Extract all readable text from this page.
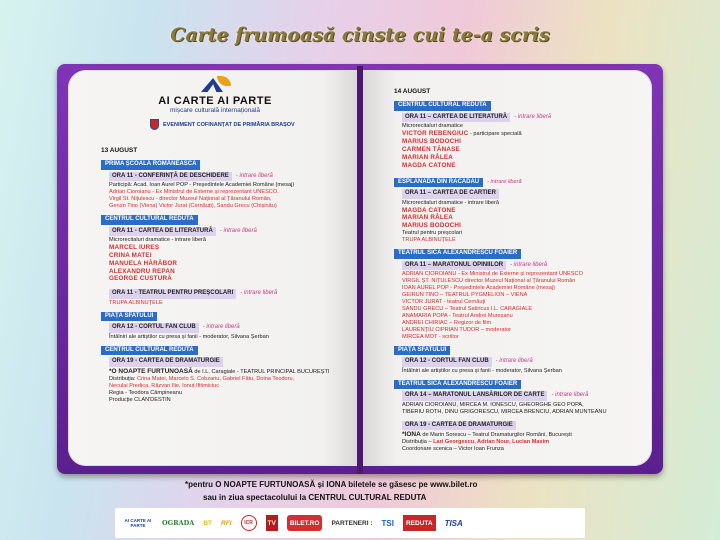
Carte frumoasă cinste cui te-a scris
AI CARTE AI PARTE
mișcare culturală internațională
EVENIMENT COFINANȚAT DE PRIMĂRIA BRAȘOV
13 AUGUST
PRIMA ȘCOALĂ ROMÂNEASCĂ
ORA 11 - CONFERINȚĂ DE DESCHIDERE - intrare liberă
Participă: Acad. Ioan Aurel POP - Președintele Academiei Române (mesaj)
Adrian Cioroianu - Ex Ministrul de Externe și reprezentant UNESCO,
Virgil St. Nițulescu - director Muzeul Național al Țăranului Român,
Geruin Tino (Viena) Victor Jurat (Cernăuți), Sandu Grecu (Chișinău)
CENTRUL CULTURAL REDUTA
ORA 11 - CARTEA DE LITERATURĂ - intrare liberă
Microrecitaluri dramatice - intrare liberă
MARCEL IUREȘ
CRINA MATEI
MANUELA HĂRĂBOR
ALEXANDRU REPAN
GEORGE CUSTURĂ
ORA 11 - TEATRUL PENTRU PREȘCOLARI - intrare liberă
TRUPA ALBINUȚELE
PIAȚA SFATULUI
ORA 12 - CORTUL FAN CLUB - intrare liberă
Întâlniri ale artiștilor cu presa și fanii - moderator, Silvana Șerban
CENTRUL CULTURAL REDUTA
ORA 19 - CARTEA DE DRAMATURGIE
*O NOAPTE FURTUNOASĂ de I.L. Caragiale - TEATRUL PRINCIPAL BUCUREȘTI
Distribuția: Crina Matei, Marcelo S. Cobzariu, Gabriel Fătu, Doina Teodoru,
Neculai Predica, Răzvan Ilie, Ionuț Ifitimiciuc
Regia - Teodora Câmpineanu
Producție CLAN'DESTIN
14 AUGUST
CENTRUL CULTURAL REDUTA
ORA 11 – CARTEA DE LITERATURĂ - intrare liberă
Microrecitaluri dramatice
VICTOR REBENGIUC - participare specială
MARIUS BODOCHI
CARMEN TĂNASE
MARIAN RÂLEA
MAGDA CATONE
ESPLANADA DIN RĂCĂDĂU - intrare liberă
ORA 11 – CARTEA DE CARTIER
Microrecitaluri dramatice - intrare liberă
MAGDA CATONE
MARIAN RÂLEA
MARIUS BODOCHI
Teatrul pentru preșcolari
TRUPA ALBINUȚELE
TEATRUL SICĂ ALEXANDRESCU FOAIER
ORA 11 – MARATONUL OPINIILOR - intrare liberă
ADRIAN CIOROIANU - Ex Ministrul de Externe și reprezentant UNESCO
VIRGIL ȘT. NIȚULESCU director Muzeul Național al Țăranului Român
IOAN AUREL POP - Președintele Academiei Române (mesaj)
GEIRUN TINO – TEATRUL PYGMELION – VIENA
VICTOR JURAT - teatrul Cernăuți
SANDU GRECU – Teatrul Satiricus I.L. CARAGIALE
ANAMARIA POPA - Teatrul Andrei Mureșanu
ANDREI CHIRIAC – Regizor de film
LAURENȚIU CIPRIAN TUDOR – moderator
MIRCEA MOT - scriitor
PIAȚA SFATULUI
ORA 12 - CORTUL FAN CLUB - intrare liberă
Întâlniri ale artiștilor cu presa și fanii - moderator, Silvana Șerban
TEATRUL SICĂ ALEXANDRESCU FOAIER
ORA 14 – MARATONUL LANSĂRILOR DE CARTE - intrare liberă
ADRIAN CIOROIANU, MIRCEA M. IONESCU, GHEORGHE GEO POPA,
TIBERIU ROTH, DINU GRIGORESCU, MIRCEA BRENCIU, ADRIAN MUNTEANU
ORA 19 - CARTEA DE DRAMATURGIE
*IONA de Marin Sorescu – Teatrul Dramaturgilor Români, București
Distribuția – Lari Georgescu, Adrian Nour, Lucian Maxim
Coordonare scenica – Victor Ioan Frunza
*pentru O NOAPTE FURTUNOASĂ și IONA biletele se găsesc pe www.bilet.ro
sau in ziua spectacolului la CENTRUL CULTURAL REDUTA
AI CARTE AI PARTE	OGRADA BT RFI	ICR	TV	BILET.RO	PARTENERI : TSI	REDUTA	TISA
